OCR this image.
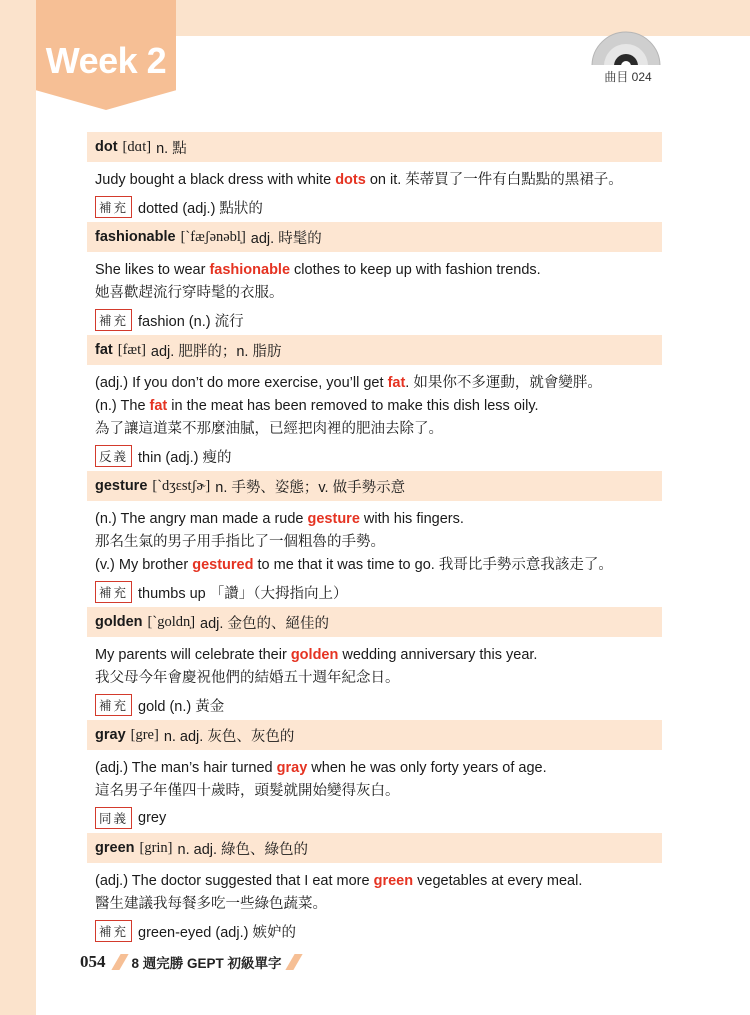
Week 2	曲目 024
dot [dɑt] n. 點
Judy bought a black dress with white dots on it. 茱蒂買了一件有白點點的黑裙子。
補充 dotted (adj.) 點狀的
fashionable [ˋfæʃənəbl̩] adj. 時髦的
She likes to wear fashionable clothes to keep up with fashion trends.
她喜歡趕流行穿時髦的衣服。
補充 fashion (n.) 流行
fat [fæt] adj. 肥胖的；n. 脂肪
(adj.) If you don’t do more exercise, you’ll get fat. 如果你不多運動，就會變胖。
(n.) The fat in the meat has been removed to make this dish less oily.
為了讓這道菜不那麼油膩，已經把肉裡的肥油去除了。
反義 thin (adj.) 瘦的
gesture [ˋdʒɛstʃɚ] n. 手勢、姿態；v. 做手勢示意
(n.) The angry man made a rude gesture with his fingers.
那名生氣的男子用手指比了一個粗魯的手勢。
(v.) My brother gestured to me that it was time to go. 我哥比手勢示意我該走了。
補充 thumbs up 「讚」（大拇指向上）
golden [ˋgoldn̩] adj. 金色的、絕佳的
My parents will celebrate their golden wedding anniversary this year.
我父母今年會慶祝他們的結婚五十週年紀念日。
補充 gold (n.) 黃金
gray [gre] n. adj. 灰色、灰色的
(adj.) The man’s hair turned gray when he was only forty years of age.
這名男子年僅四十歲時，頭髮就開始變得灰白。
同義 grey
green [grin] n. adj. 綠色、綠色的
(adj.) The doctor suggested that I eat more green vegetables at every meal.
醫生建議我每餐多吃一些綠色蔬菜。
補充 green-eyed (adj.) 嫉妒的
054 8 週完勝 GEPT 初級單字
